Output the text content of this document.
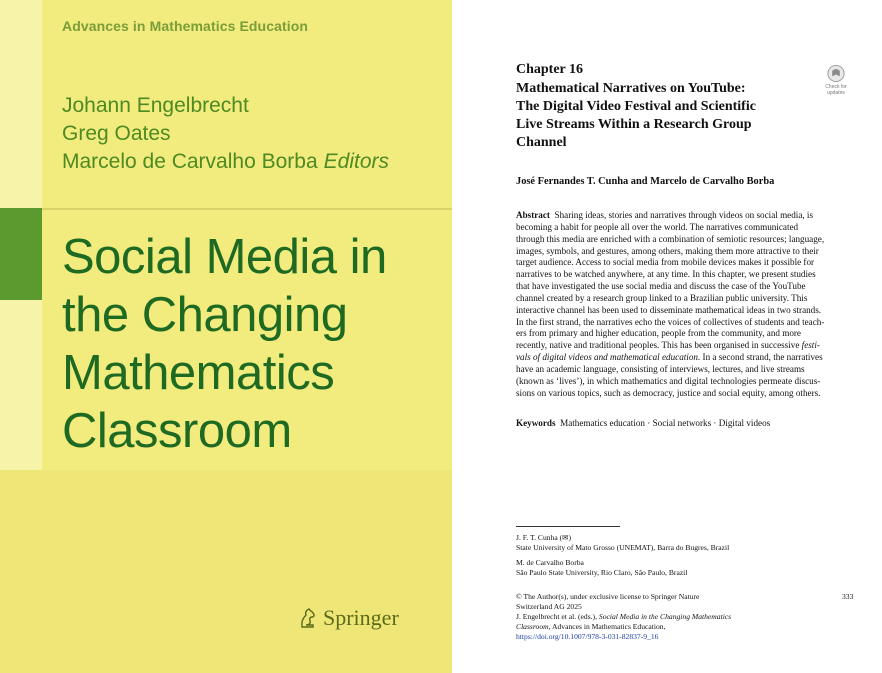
Advances in Mathematics Education
Johann Engelbrecht
Greg Oates
Marcelo de Carvalho Borba Editors
Social Media in
the Changing
Mathematics
Classroom
Springer
Chapter 16
Mathematical Narratives on YouTube:
The Digital Video Festival and Scientific
Live Streams Within a Research Group
Channel
Check for
updates
José Fernandes T. Cunha and Marcelo de Carvalho Borba
Abstract Sharing ideas, stories and narratives through videos on social media, is
becoming a habit for people all over the world. The narratives communicated
through this media are enriched with a combination of semiotic resources; language,
images, symbols, and gestures, among others, making them more attractive to their
target audience. Access to social media from mobile devices makes it possible for
narratives to be watched anywhere, at any time. In this chapter, we present studies
that have investigated the use social media and discuss the case of the YouTube
channel created by a research group linked to a Brazilian public university. This
interactive channel has been used to disseminate mathematical ideas in two strands.
In the first strand, the narratives echo the voices of collectives of students and teach-
ers from primary and higher education, people from the community, and more
recently, native and traditional peoples. This has been organised in successive festi-
vals of digital videos and mathematical education. In a second strand, the narratives
have an academic language, consisting of interviews, lectures, and live streams
(known as ‘lives’), in which mathematics and digital technologies permeate discus-
sions on various topics, such as democracy, justice and social equity, among others.
Keywords Mathematics education · Social networks · Digital videos
J. F. T. Cunha (✉)
State University of Mato Grosso (UNEMAT), Barra do Bugres, Brazil
M. de Carvalho Borba
São Paulo State University, Rio Claro, São Paulo, Brazil
© The Author(s), under exclusive license to Springer Nature
Switzerland AG 2025
J. Engelbrecht et al. (eds.), Social Media in the Changing Mathematics
Classroom, Advances in Mathematics Education,
https://doi.org/10.1007/978-3-031-82837-9_16
333
